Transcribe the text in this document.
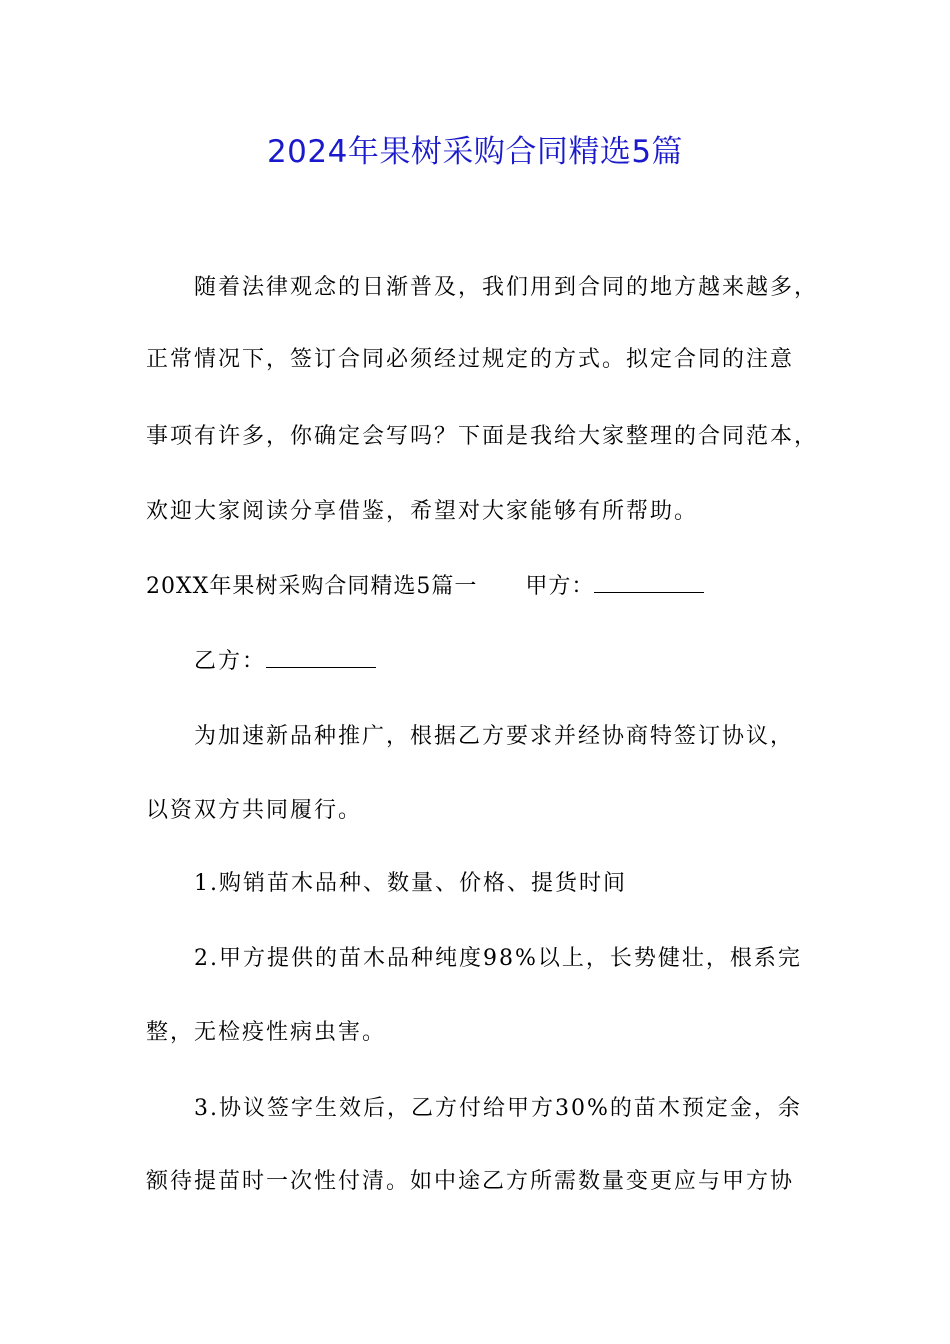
2024年果树采购合同精选5篇
随着法律观念的日渐普及，我们用到合同的地方越来越多，
正常情况下，签订合同必须经过规定的方式。拟定合同的注意
事项有许多，你确定会写吗？下面是我给大家整理的合同范本，
欢迎大家阅读分享借鉴，希望对大家能够有所帮助。
20XX年果树采购合同精选5篇一 甲方：
乙方：
为加速新品种推广，根据乙方要求并经协商特签订协议，
以资双方共同履行。
1.购销苗木品种、数量、价格、提货时间
2.甲方提供的苗木品种纯度98%以上，长势健壮，根系完
整，无检疫性病虫害。
3.协议签字生效后，乙方付给甲方30%的苗木预定金，余
额待提苗时一次性付清。如中途乙方所需数量变更应与甲方协
